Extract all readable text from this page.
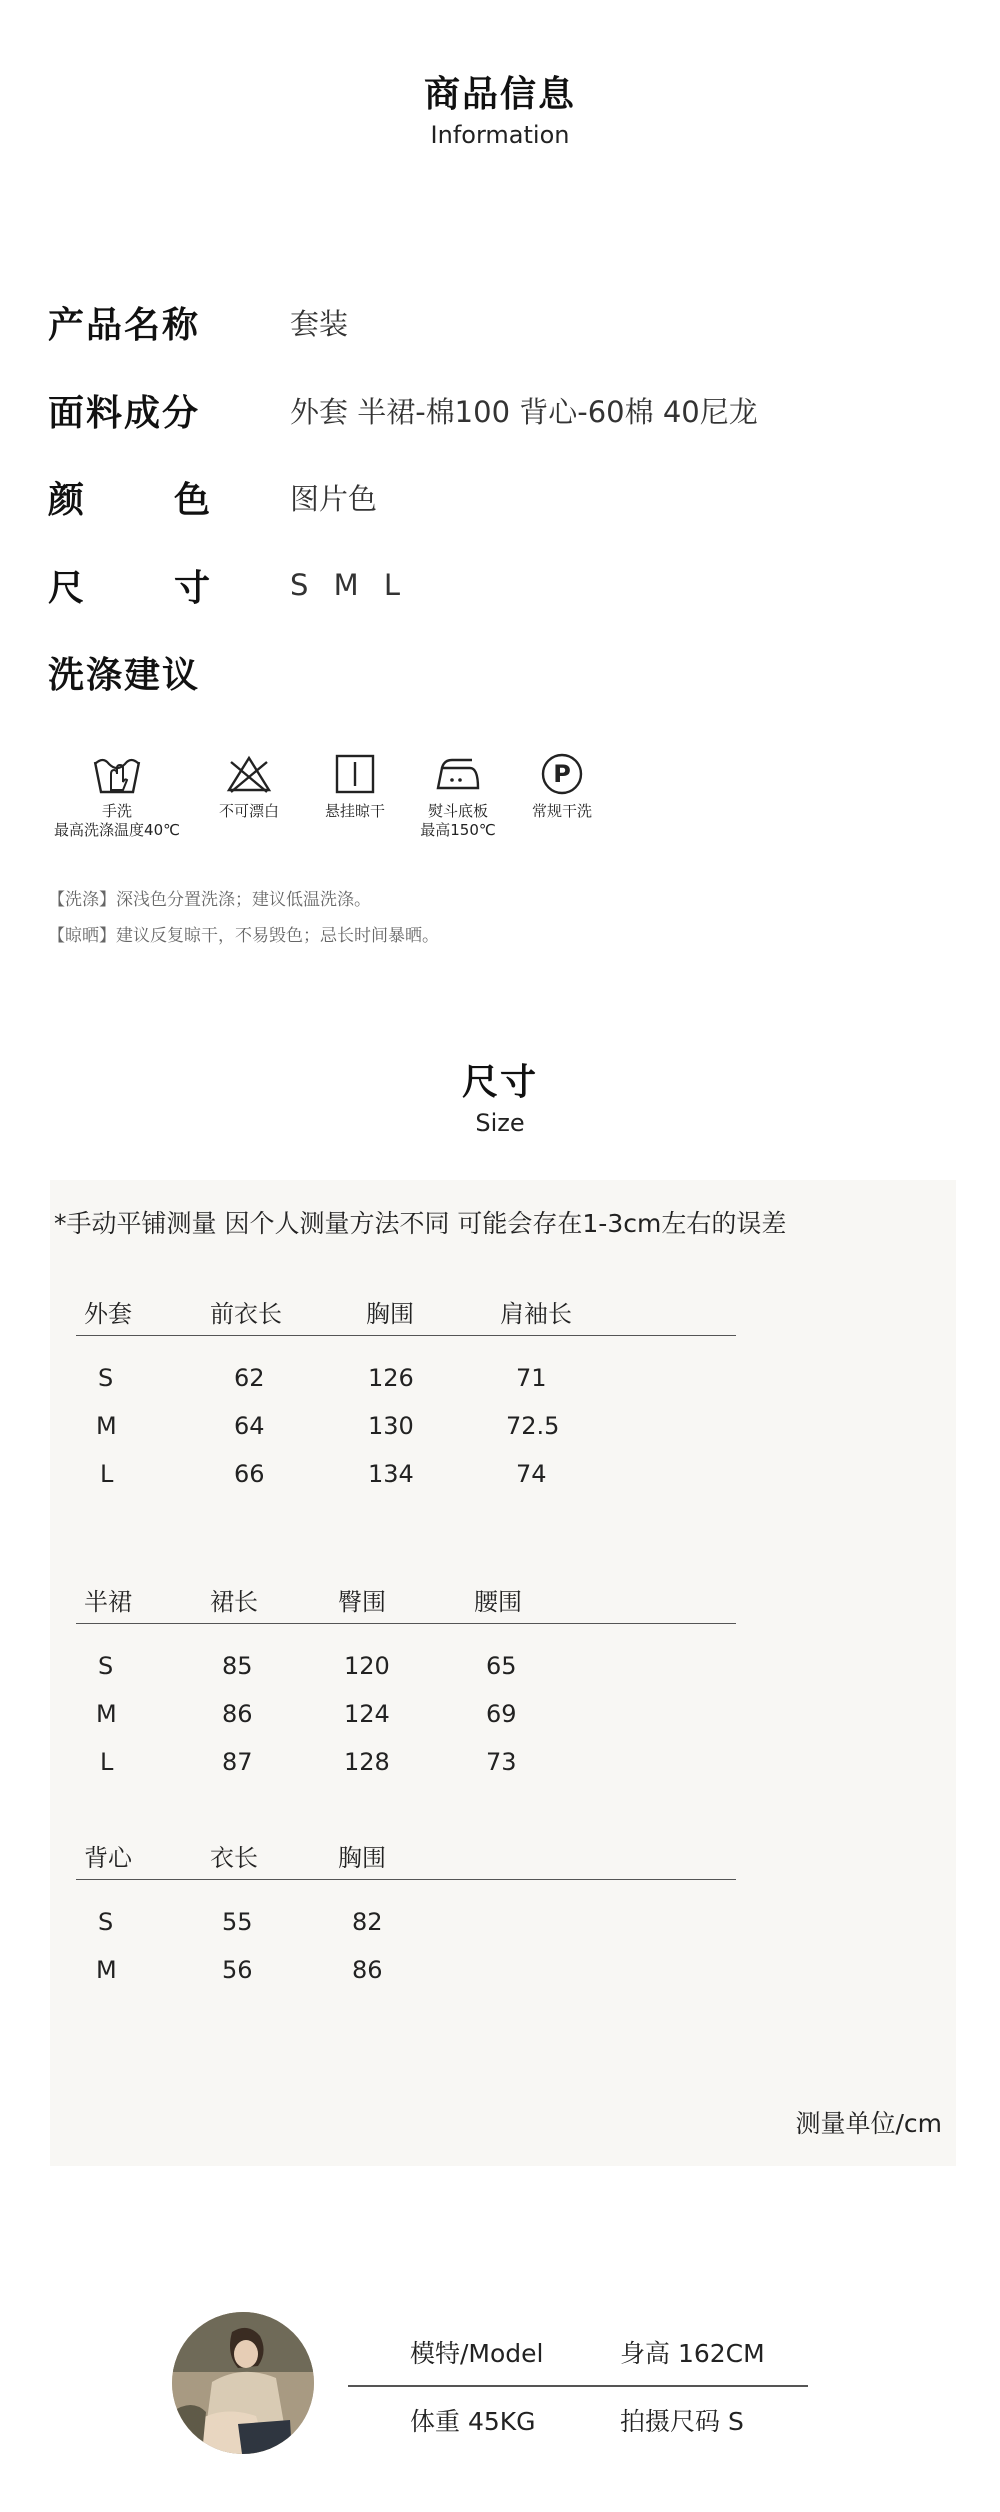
商品信息
Information
产品名称	套装
面料成分	外套 半裙-棉100 背心-60棉 40尼龙
颜 色	图片色
尺 寸	S M L
洗涤建议
手洗
最高洗涤温度40℃
不可漂白	悬挂晾干	熨斗底板
最高150℃
P
常规干洗
【洗涤】深浅色分置洗涤；建议低温洗涤。
【晾晒】建议反复晾干，不易毁色；忌长时间暴晒。
尺寸
Size
*手动平铺测量 因个人测量方法不同 可能会存在1-3cm左右的误差
外套	前衣长	胸围	肩袖长
S	62	126	71
M	64	130	72.5
L	66	134	74
半裙	裙长	臀围	腰围
S	85	120	65
M	86	124	69
L	87	128	73
背心	衣长	胸围
S	55	82
M	56	86
测量单位/cm
模特/Model	身高 162CM
体重 45KG	拍摄尺码 S
